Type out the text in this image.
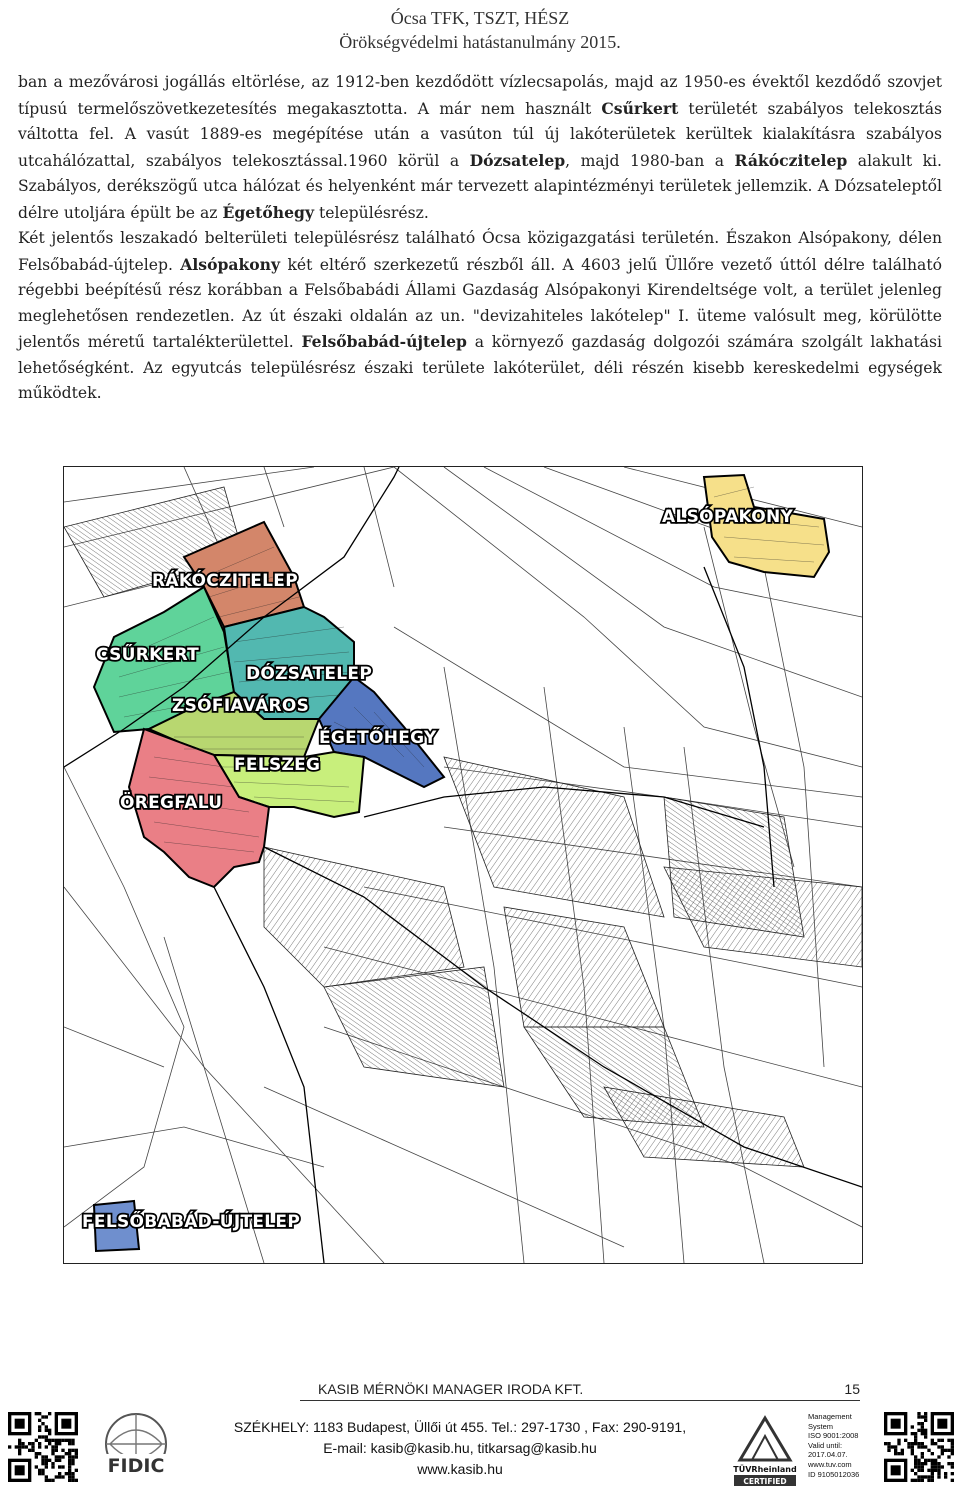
Ócsa TFK, TSZT, HÉSZ
Örökségvédelmi hatástanulmány 2015.

ban a mezővárosi jogállás eltörlése, az 1912-ben kezdődött vízlecsapolás, majd az 1950-es évektől kezdődő szovjet típusú termelőszövetkezetesítés megakasztotta. A már nem használt Csűrkert területét szabályos telekosztás váltotta fel. A vasút 1889-es megépítése után a vasúton túl új lakóterületek kerültek kialakításra szabályos utcahálózattal, szabályos telekosztással.1960 körül a Dózsatelep, majd 1980-ban a Rákóczitelep alakult ki. Szabályos, derékszögű utca hálózat és helyenként már tervezett alapintézményi területek jellemzik. A Dózsateleptől délre utoljára épült be az Égetőhegy településrész.

Két jelentős leszakadó belterületi településrész található Ócsa közigazgatási területén. Északon Alsópakony, délen Felsőbabád-újtelep. Alsópakony két eltérő szerkezetű részből áll. A 4603 jelű Üllőre vezető úttól délre található régebbi beépítésű rész korábban a Felsőbabádi Állami Gazdaság Alsópakonyi Kirendeltsége volt, a terület jelenleg meglehetősen rendezetlen. Az út északi oldalán az un. "devizahiteles lakótelep" I. üteme valósult meg, körülötte jelentős méretű tartalékterülettel. Felsőbabád-újtelep a környező gazdaság dolgozói számára szolgált lakhatási lehetőségként. Az egyutcás településrész északi területe lakóterület, déli részén kisebb kereskedelmi egységek működtek.

ALSÓPAKONY
RÁKÓCZITELEP
CSŰRKERT
DÓZSATELEP
ZSÓFIAVÁROS
ÉGETŐHEGY
FELSZEG
ÖREGFALU
FELSŐBABÁD-ÚJTELEP
KASIB MÉRNÖKI MANAGER IRODA KFT.	15
FIDIC
SZÉKHELY: 1183 Budapest, Üllői út 455. Tel.: 297-1730 , Fax: 290-9191,
E-mail: kasib@kasib.hu, titkarsag@kasib.hu
www.kasib.hu	TÜVRheinland
CERTIFIED
Management
System
ISO 9001:2008
Valid until:
2017.04.07.
www.tuv.com
ID 9105012036
